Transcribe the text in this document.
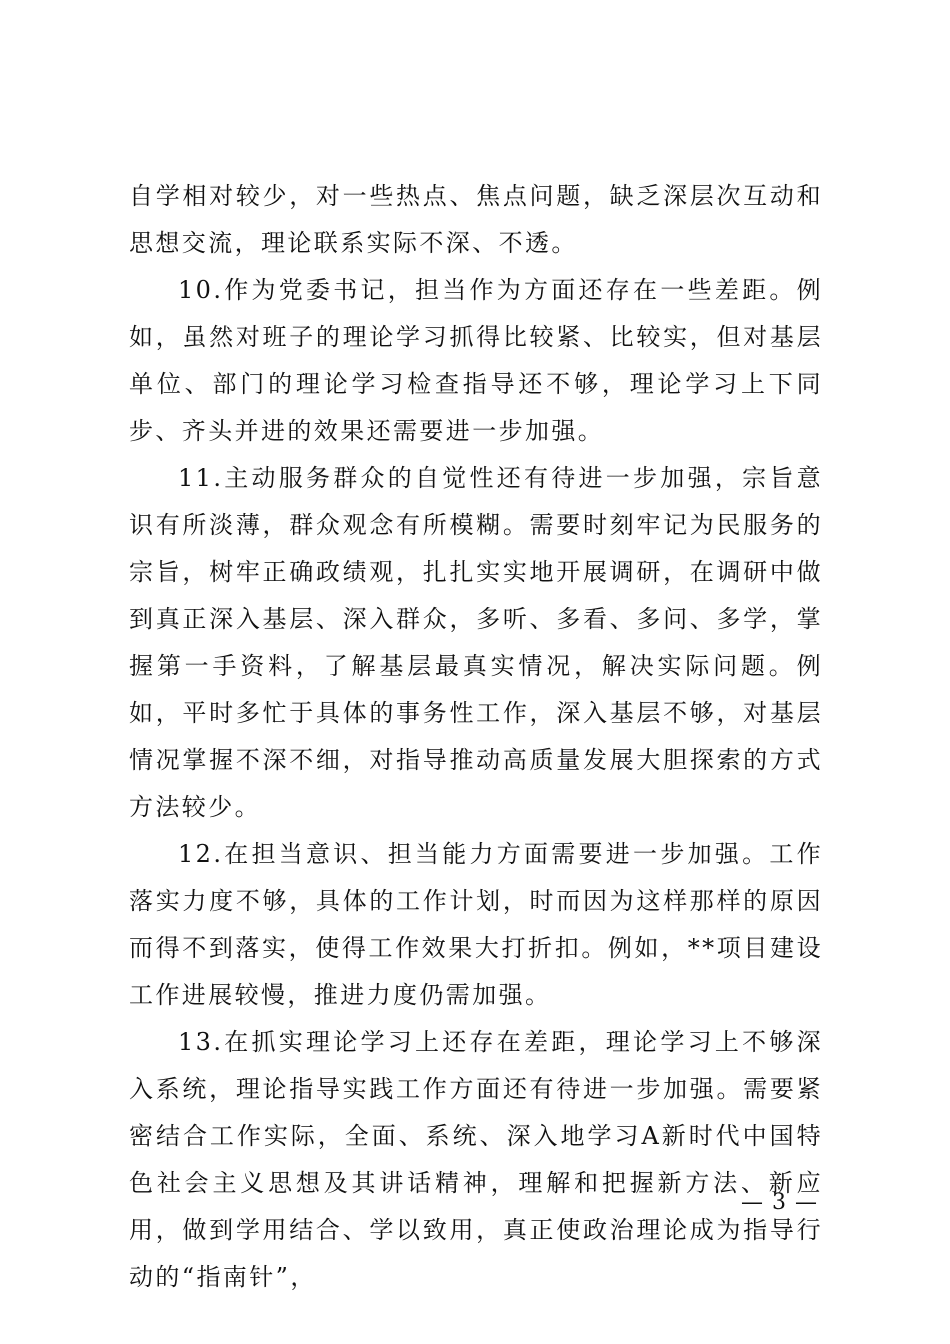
自学相对较少，对一些热点、焦点问题，缺乏深层次互动和思想交流，理论联系实际不深、不透。

10.作为党委书记，担当作为方面还存在一些差距。例如，虽然对班子的理论学习抓得比较紧、比较实，但对基层单位、部门的理论学习检查指导还不够，理论学习上下同步、齐头并进的效果还需要进一步加强。

11.主动服务群众的自觉性还有待进一步加强，宗旨意识有所淡薄，群众观念有所模糊。需要时刻牢记为民服务的宗旨，树牢正确政绩观，扎扎实实地开展调研，在调研中做到真正深入基层、深入群众，多听、多看、多问、多学，掌握第一手资料，了解基层最真实情况，解决实际问题。例如，平时多忙于具体的事务性工作，深入基层不够，对基层情况掌握不深不细，对指导推动高质量发展大胆探索的方式方法较少。

12.在担当意识、担当能力方面需要进一步加强。工作落实力度不够，具体的工作计划，时而因为这样那样的原因而得不到落实，使得工作效果大打折扣。例如，**项目建设工作进展较慢，推进力度仍需加强。

13.在抓实理论学习上还存在差距，理论学习上不够深入系统，理论指导实践工作方面还有待进一步加强。需要紧密结合工作实际，全面、系统、深入地学习A新时代中国特色社会主义思想及其讲话精神，理解和把握新方法、新应用，做到学用结合、学以致用，真正使政治理论成为指导行动的“指南针”，

— 3 —
